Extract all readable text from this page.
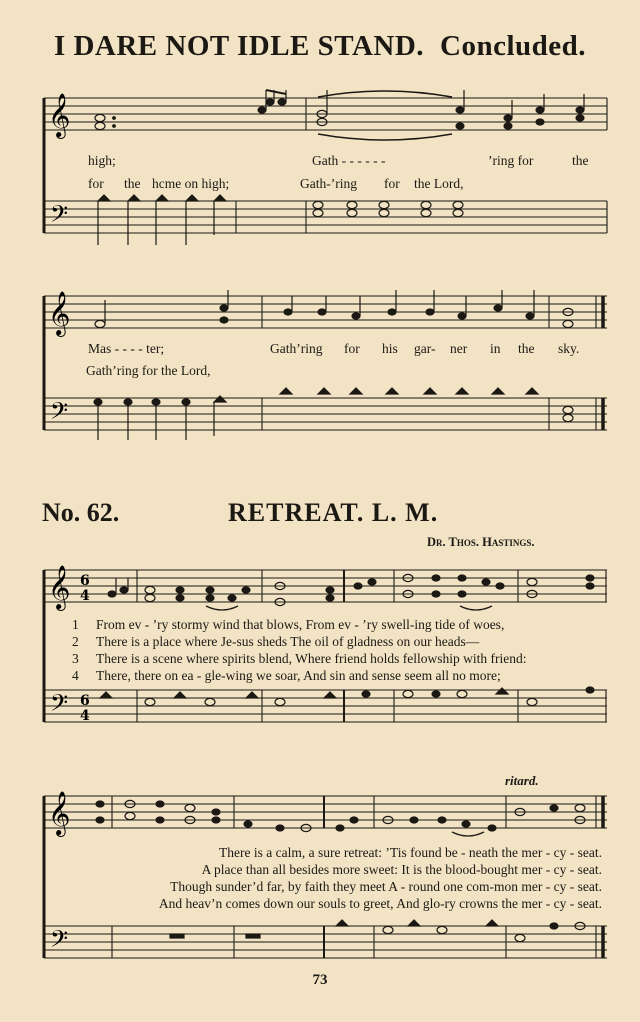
I DARE NOT IDLE STAND. Concluded.
𝄞
𝄢
high;	Gath - - - - - -	’ring for	the
for the hcme on high;	Gath-’ring for the Lord,
𝄞
𝄢
Mas - - - - ter;	Gath’ring for his gar- ner in the sky.
Gath’ring for the Lord,
No. 62.	RETREAT. L. M.
Dr. Thos. Hastings.
𝄞
𝄢
6
4
6
4
1 From ev - ’ry stormy wind that blows, From ev - ’ry swell-ing tide of woes,
2 There is a place where Je-sus sheds The oil of gladness on our heads—
3 There is a scene where spirits blend, Where friend holds fellowship with friend:
4 There, there on ea - gle-wing we soar, And sin and sense seem all no more;
ritard.
𝄞
𝄢
There is a calm, a sure retreat: ’Tis found be - neath the mer - cy - seat.
A place than all besides more sweet: It is the blood-bought mer - cy - seat.
Though sunder’d far, by faith they meet A - round one com-mon mer - cy - seat.
And heav’n comes down our souls to greet, And glo-ry crowns the mer - cy - seat.
73
